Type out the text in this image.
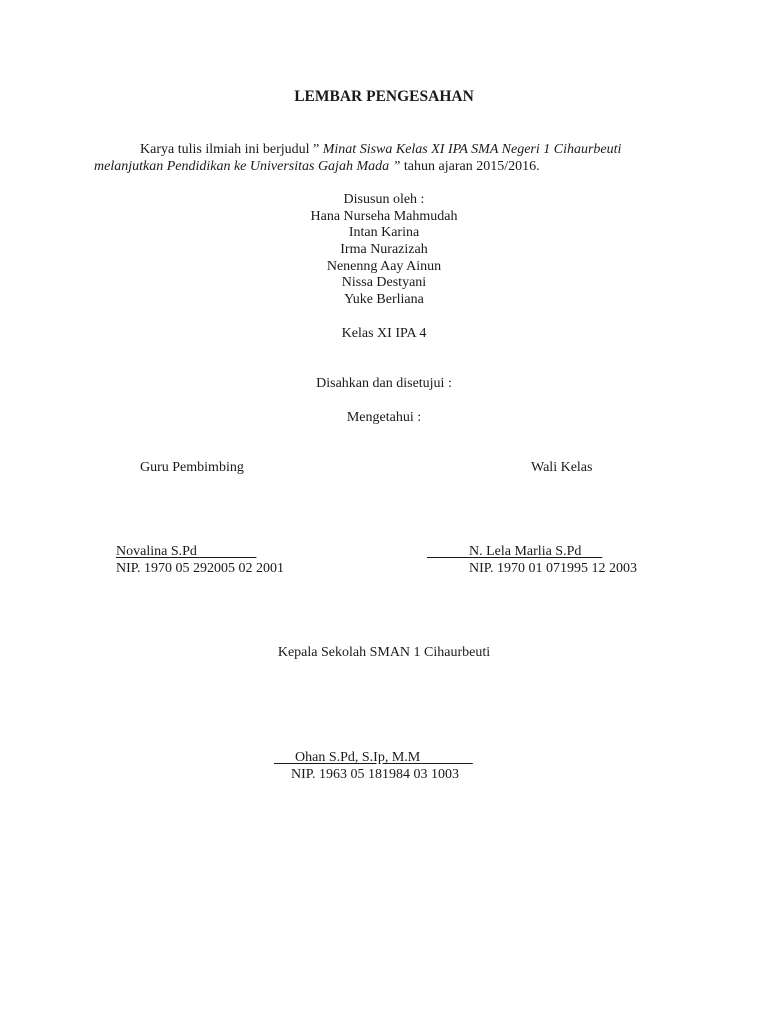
LEMBAR PENGESAHAN
Karya tulis ilmiah ini berjudul ” Minat Siswa Kelas XI IPA SMA Negeri 1 Cihaurbeuti
melanjutkan Pendidikan ke Universitas Gajah Mada ” tahun ajaran 2015/2016.
Disusun oleh :
Hana Nurseha Mahmudah
Intan Karina
Irma Nurazizah
Nenenng Aay Ainun
Nissa Destyani
Yuke Berliana
Kelas XI IPA 4
Disahkan dan disetujui :
Mengetahui :
Guru Pembimbing	Wali Kelas
Novalina S.Pd
NIP. 1970 05 292005 02 2001
N. Lela Marlia S.Pd
NIP. 1970 01 071995 12 2003
Kepala Sekolah SMAN 1 Cihaurbeuti
Ohan S.Pd, S.Ip, M.M
NIP. 1963 05 181984 03 1003
